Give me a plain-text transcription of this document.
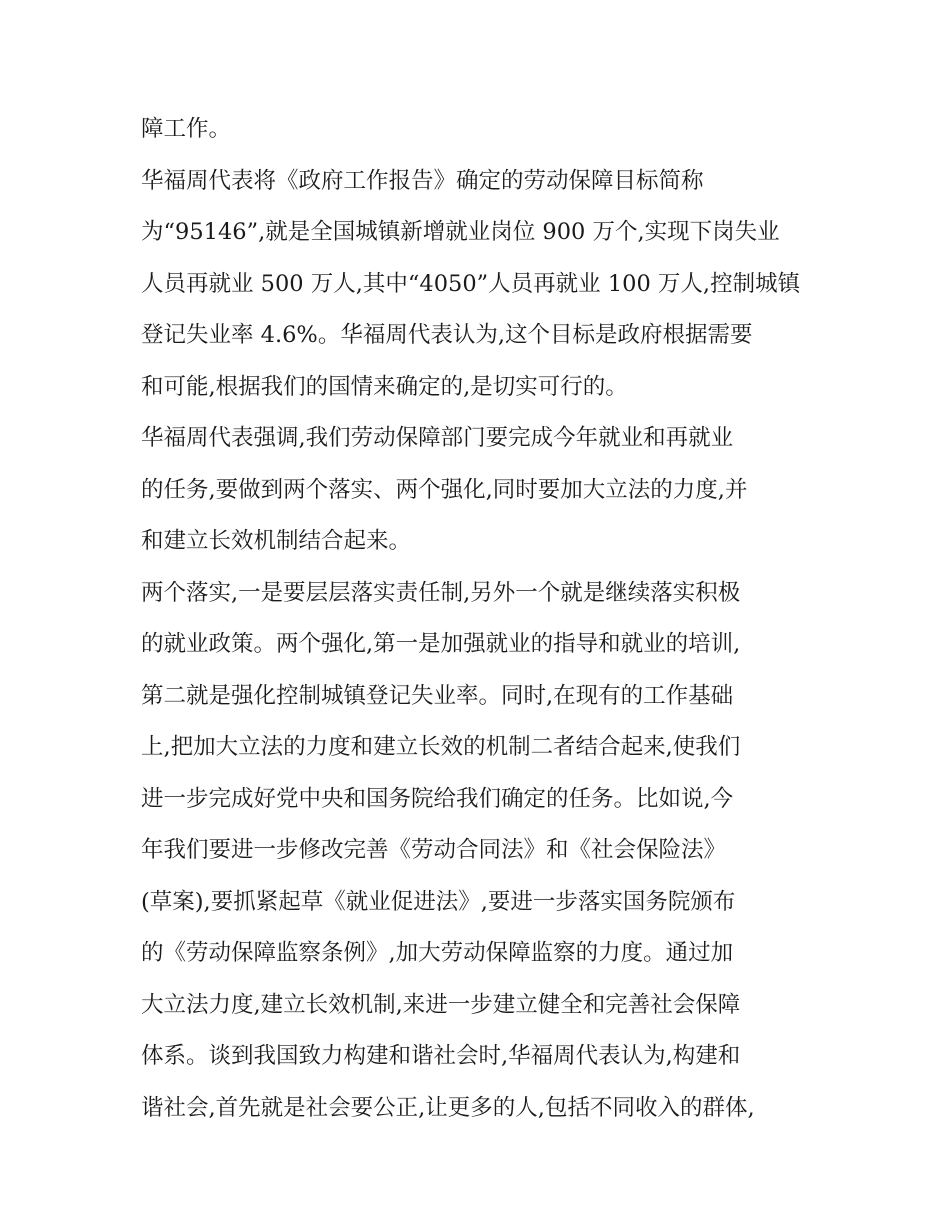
障工作。
华福周代表将《政府工作报告》确定的劳动保障目标简称
为“95146”,就是全国城镇新增就业岗位 900 万个,实现下岗失业
人员再就业 500 万人,其中“4050”人员再就业 100 万人,控制城镇
登记失业率 4.6%。华福周代表认为,这个目标是政府根据需要
和可能,根据我们的国情来确定的,是切实可行的。
华福周代表强调,我们劳动保障部门要完成今年就业和再就业
的任务,要做到两个落实、两个强化,同时要加大立法的力度,并
和建立长效机制结合起来。
两个落实,一是要层层落实责任制,另外一个就是继续落实积极
的就业政策。两个强化,第一是加强就业的指导和就业的培训,
第二就是强化控制城镇登记失业率。同时,在现有的工作基础
上,把加大立法的力度和建立长效的机制二者结合起来,使我们
进一步完成好党中央和国务院给我们确定的任务。比如说,今
年我们要进一步修改完善《劳动合同法》和《社会保险法》
(草案),要抓紧起草《就业促进法》,要进一步落实国务院颁布
的《劳动保障监察条例》,加大劳动保障监察的力度。通过加
大立法力度,建立长效机制,来进一步建立健全和完善社会保障
体系。谈到我国致力构建和谐社会时,华福周代表认为,构建和
谐社会,首先就是社会要公正,让更多的人,包括不同收入的群体,
